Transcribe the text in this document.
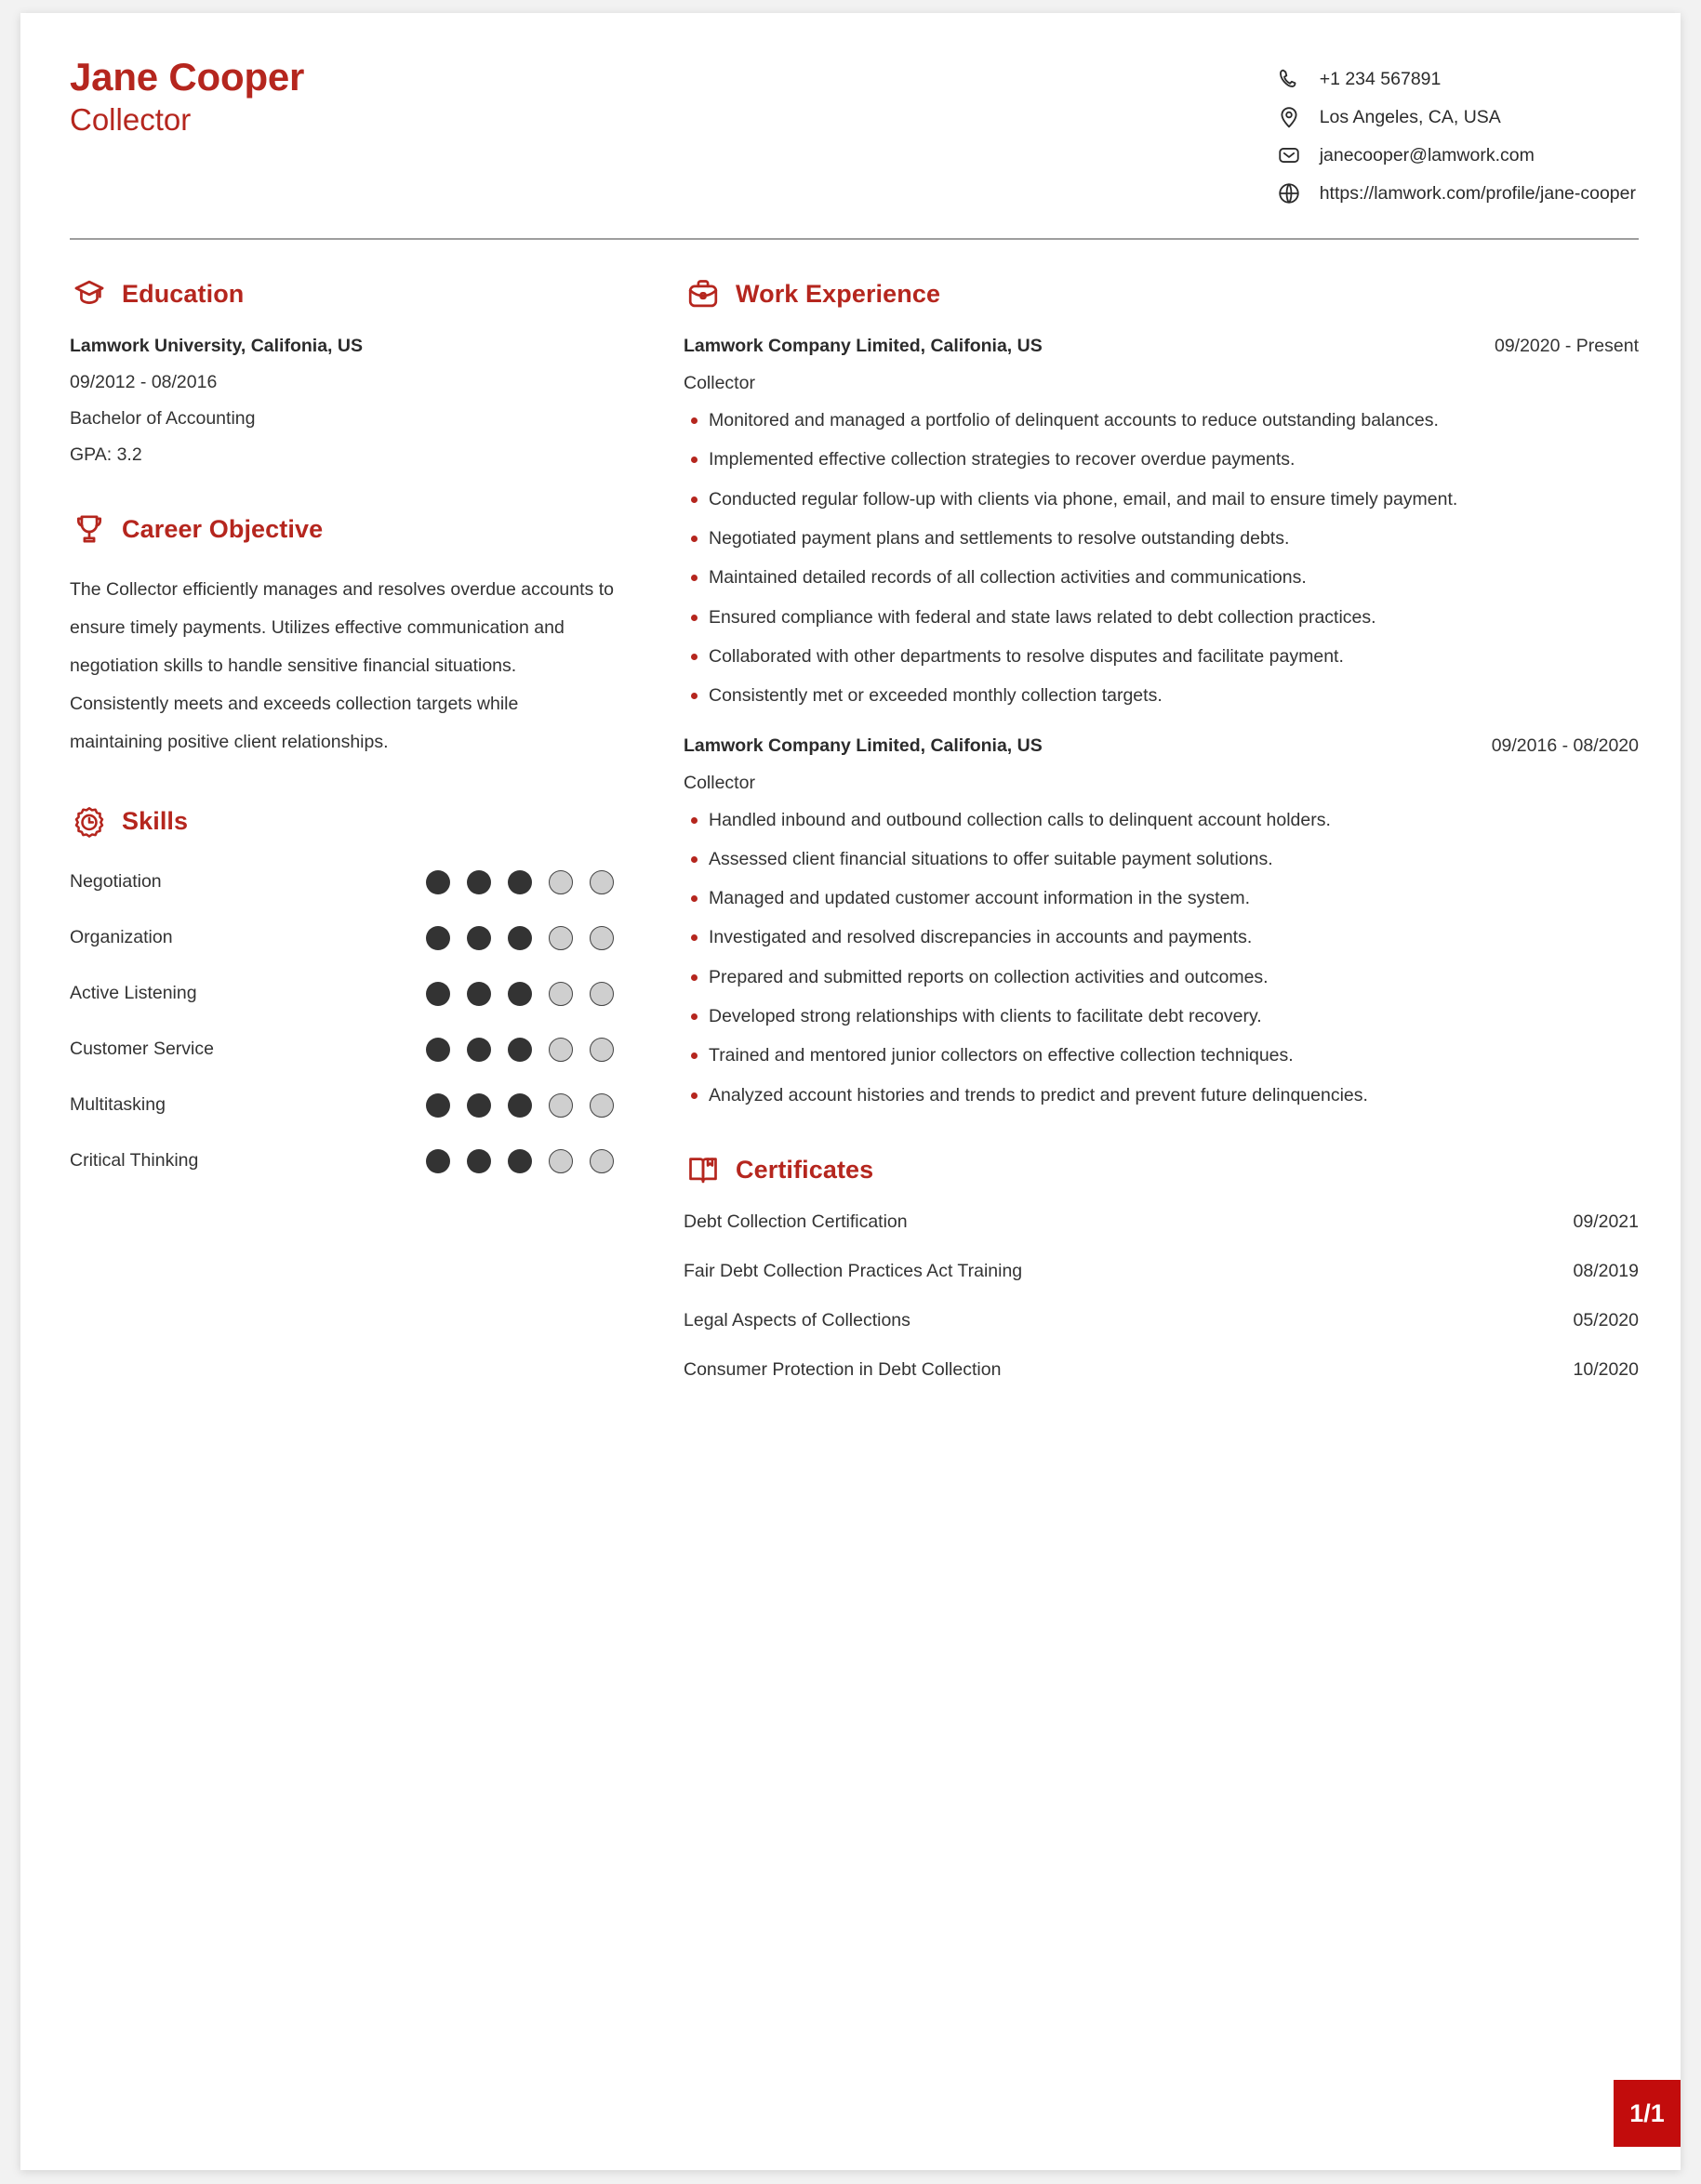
Jane Cooper
Collector
+1 234 567891
Los Angeles, CA, USA
janecooper@lamwork.com
https://lamwork.com/profile/jane-cooper
Education
Lamwork University, Califonia, US
09/2012 - 08/2016
Bachelor of Accounting
GPA: 3.2
Career Objective
The Collector efficiently manages and resolves overdue accounts to ensure timely payments. Utilizes effective communication and negotiation skills to handle sensitive financial situations. Consistently meets and exceeds collection targets while maintaining positive client relationships.
Skills
Negotiation
Organization
Active Listening
Customer Service
Multitasking
Critical Thinking
Work Experience
Lamwork Company Limited, Califonia, US	09/2020 - Present
Collector
Monitored and managed a portfolio of delinquent accounts to reduce outstanding balances.
Implemented effective collection strategies to recover overdue payments.
Conducted regular follow-up with clients via phone, email, and mail to ensure timely payment.
Negotiated payment plans and settlements to resolve outstanding debts.
Maintained detailed records of all collection activities and communications.
Ensured compliance with federal and state laws related to debt collection practices.
Collaborated with other departments to resolve disputes and facilitate payment.
Consistently met or exceeded monthly collection targets.
Lamwork Company Limited, Califonia, US	09/2016 - 08/2020
Collector
Handled inbound and outbound collection calls to delinquent account holders.
Assessed client financial situations to offer suitable payment solutions.
Managed and updated customer account information in the system.
Investigated and resolved discrepancies in accounts and payments.
Prepared and submitted reports on collection activities and outcomes.
Developed strong relationships with clients to facilitate debt recovery.
Trained and mentored junior collectors on effective collection techniques.
Analyzed account histories and trends to predict and prevent future delinquencies.
Certificates
Debt Collection Certification	09/2021
Fair Debt Collection Practices Act Training	08/2019
Legal Aspects of Collections	05/2020
Consumer Protection in Debt Collection	10/2020
1/1
